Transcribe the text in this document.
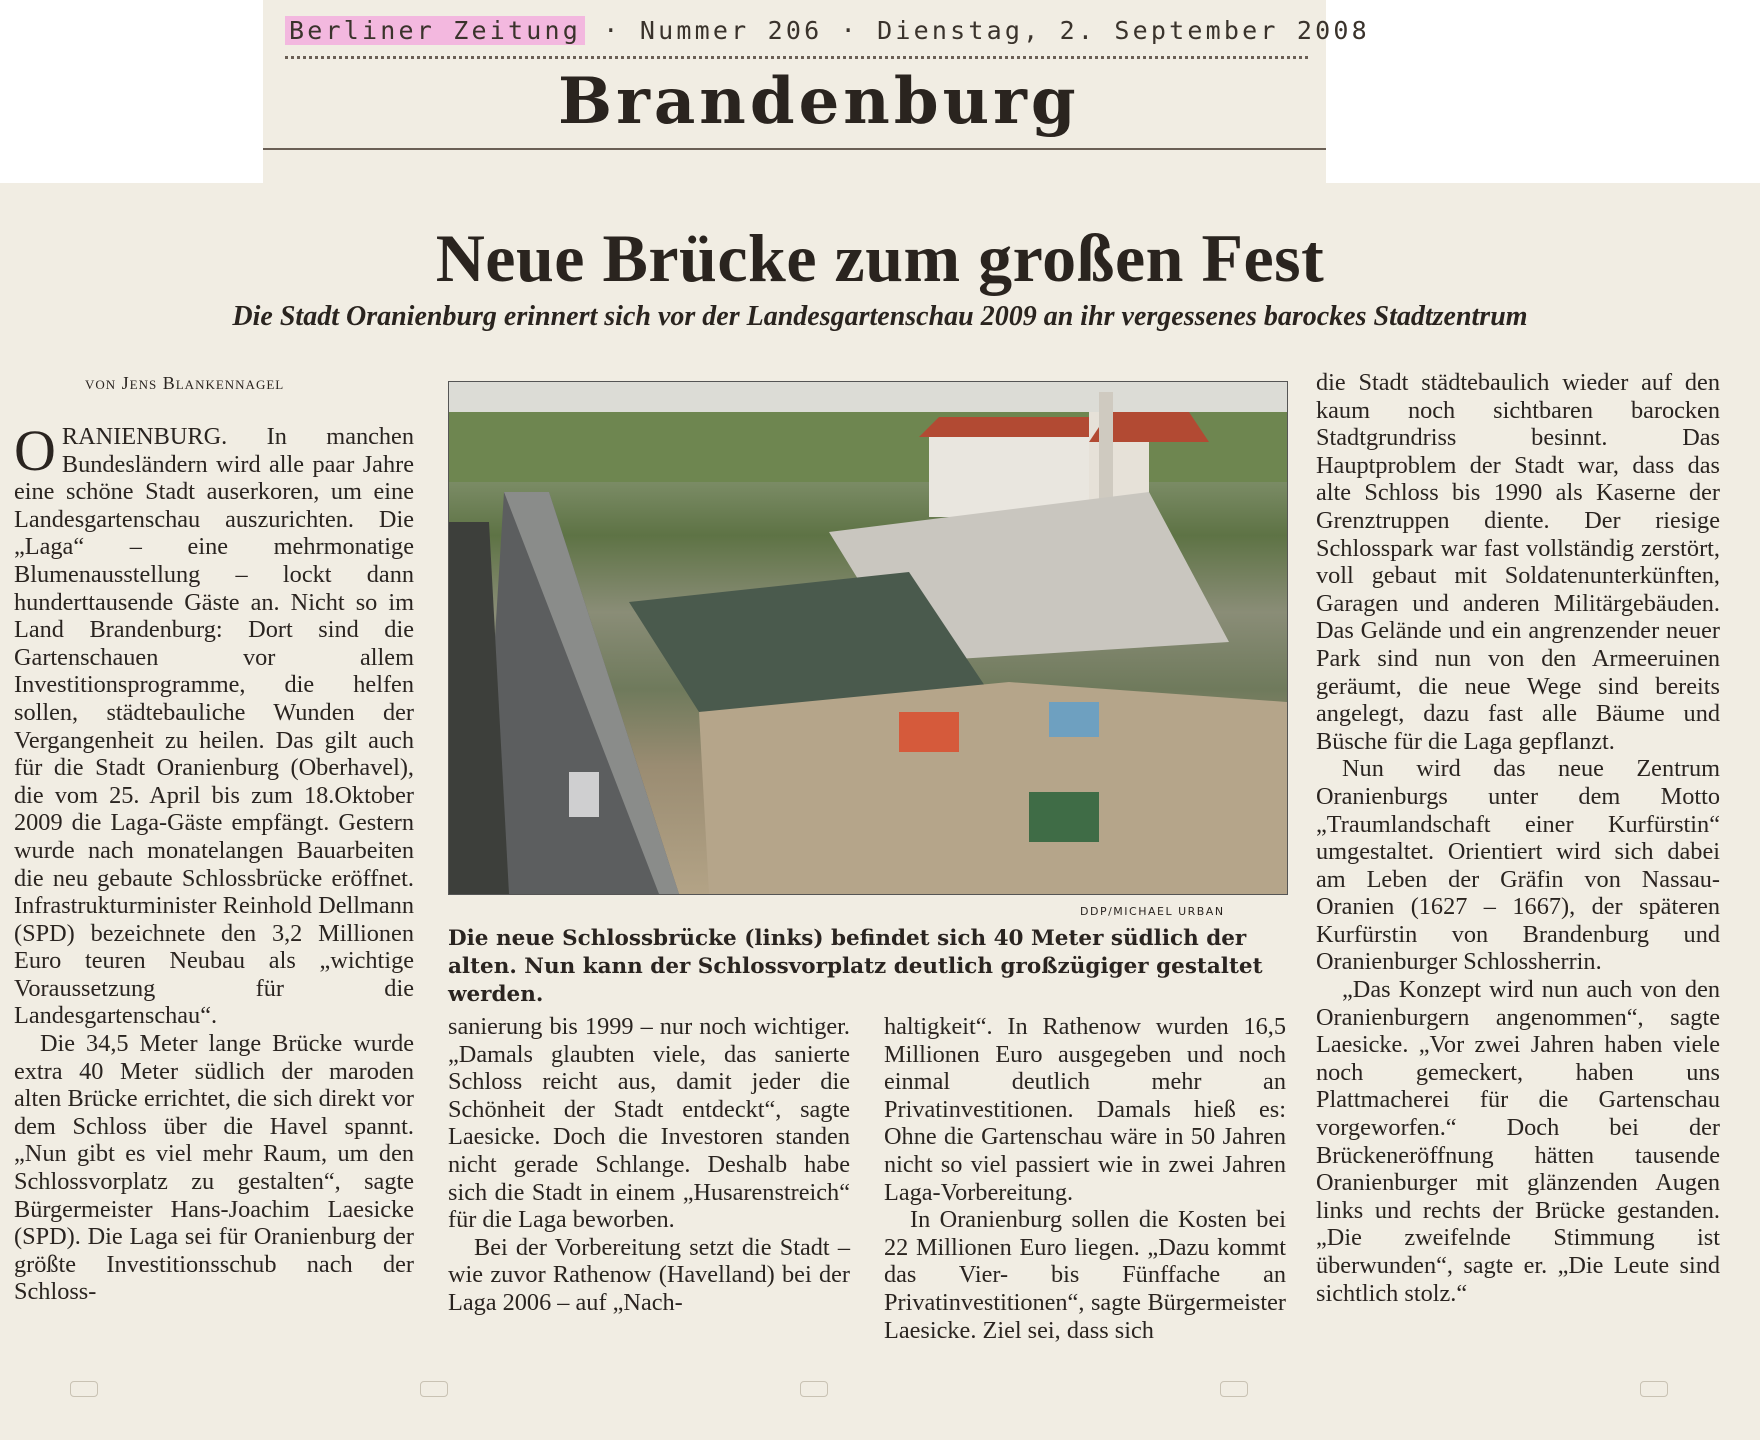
Berliner Zeitung · Nummer 206 · Dienstag, 2. September 2008
Brandenburg
Neue Brücke zum großen Fest
Die Stadt Oranienburg erinnert sich vor der Landesgartenschau 2009 an ihr vergessenes barockes Stadtzentrum
von Jens Blankennagel

ORANIENBURG. In manchen Bundesländern wird alle paar Jahre eine schöne Stadt auserkoren, um eine Landesgartenschau auszurichten. Die „Laga“ – eine mehrmonatige Blumenausstellung – lockt dann hunderttausende Gäste an. Nicht so im Land Brandenburg: Dort sind die Gartenschauen vor allem Investitionsprogramme, die helfen sollen, städtebauliche Wunden der Vergangenheit zu heilen. Das gilt auch für die Stadt Oranienburg (Oberhavel), die vom 25. April bis zum 18.Oktober 2009 die Laga-Gäste empfängt. Gestern wurde nach monatelangen Bauarbeiten die neu gebaute Schlossbrücke eröffnet. Infrastrukturminister Reinhold Dellmann (SPD) bezeichnete den 3,2 Millionen Euro teuren Neubau als „wichtige Voraussetzung für die Landesgartenschau“.

Die 34,5 Meter lange Brücke wurde extra 40 Meter südlich der maroden alten Brücke errichtet, die sich direkt vor dem Schloss über die Havel spannt. „Nun gibt es viel mehr Raum, um den Schlossvorplatz zu gestalten“, sagte Bürgermeister Hans-Joachim Laesicke (SPD). Die Laga sei für Oranienburg der größte Investitionsschub nach der Schloss-

DDP/MICHAEL URBAN
Die neue Schlossbrücke (links) befindet sich 40 Meter südlich der alten. Nun kann der Schlossvorplatz deutlich großzügiger gestaltet werden.

sanierung bis 1999 – nur noch wichtiger. „Damals glaubten viele, das sanierte Schloss reicht aus, damit jeder die Schönheit der Stadt entdeckt“, sagte Laesicke. Doch die Investoren standen nicht gerade Schlange. Deshalb habe sich die Stadt in einem „Husarenstreich“ für die Laga beworben.

Bei der Vorbereitung setzt die Stadt – wie zuvor Rathenow (Havelland) bei der Laga 2006 – auf „Nach-

haltigkeit“. In Rathenow wurden 16,5 Millionen Euro ausgegeben und noch einmal deutlich mehr an Privatinvestitionen. Damals hieß es: Ohne die Gartenschau wäre in 50 Jahren nicht so viel passiert wie in zwei Jahren Laga-Vorbereitung.

In Oranienburg sollen die Kosten bei 22 Millionen Euro liegen. „Dazu kommt das Vier- bis Fünffache an Privatinvestitionen“, sagte Bürgermeister Laesicke. Ziel sei, dass sich

die Stadt städtebaulich wieder auf den kaum noch sichtbaren barocken Stadtgrundriss besinnt. Das Hauptproblem der Stadt war, dass das alte Schloss bis 1990 als Kaserne der Grenztruppen diente. Der riesige Schlosspark war fast vollständig zerstört, voll gebaut mit Soldatenunterkünften, Garagen und anderen Militärgebäuden. Das Gelände und ein angrenzender neuer Park sind nun von den Armeeruinen geräumt, die neue Wege sind bereits angelegt, dazu fast alle Bäume und Büsche für die Laga gepflanzt.

Nun wird das neue Zentrum Oranienburgs unter dem Motto „Traumlandschaft einer Kurfürstin“ umgestaltet. Orientiert wird sich dabei am Leben der Gräfin von Nassau-Oranien (1627 – 1667), der späteren Kurfürstin von Brandenburg und Oranienburger Schlossherrin.

„Das Konzept wird nun auch von den Oranienburgern angenommen“, sagte Laesicke. „Vor zwei Jahren haben viele noch gemeckert, haben uns Plattmacherei für die Gartenschau vorgeworfen.“ Doch bei der Brückeneröffnung hätten tausende Oranienburger mit glänzenden Augen links und rechts der Brücke gestanden. „Die zweifelnde Stimmung ist überwunden“, sagte er. „Die Leute sind sichtlich stolz.“
